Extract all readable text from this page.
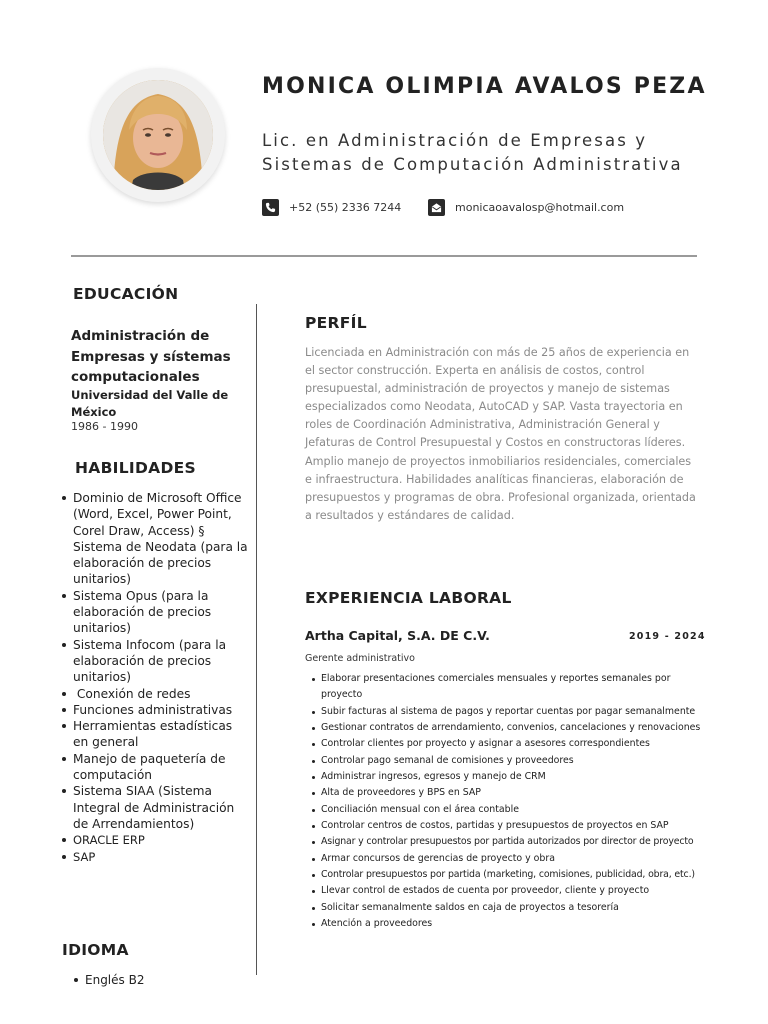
MONICA OLIMPIA AVALOS PEZA
Lic. en Administración de Empresas y Sistemas de Computación Administrativa
+52 (55) 2336 7244	monicaoavalosp@hotmail.com
EDUCACIÓN
Administración de Empresas y sístemas computacionales
Universidad del Valle de México
1986 - 1990
HABILIDADES
Dominio de Microsoft Office (Word, Excel, Power Point, Corel Draw, Access) § Sistema de Neodata (para la elaboración de precios unitarios)
Sistema Opus (para la elaboración de precios unitarios)
Sistema Infocom (para la elaboración de precios unitarios)
Conexión de redes
Funciones administrativas
Herramientas estadísticas en general
Manejo de paquetería de computación
Sistema SIAA (Sistema Integral de Administración de Arrendamientos)
ORACLE ERP
SAP
IDIOMA
Englés B2
PERFÍL
Licenciada en Administración con más de 25 años de experiencia en el sector construcción. Experta en análisis de costos, control presupuestal, administración de proyectos y manejo de sistemas especializados como Neodata, AutoCAD y SAP. Vasta trayectoria en roles de Coordinación Administrativa, Administración General y Jefaturas de Control Presupuestal y Costos en constructoras líderes. Amplio manejo de proyectos inmobiliarios residenciales, comerciales e infraestructura. Habilidades analíticas financieras, elaboración de presupuestos y programas de obra. Profesional organizada, orientada a resultados y estándares de calidad.
EXPERIENCIA LABORAL
Artha Capital, S.A. DE C.V.	2019 - 2024
Gerente administrativo
Elaborar presentaciones comerciales mensuales y reportes semanales por proyecto
Subir facturas al sistema de pagos y reportar cuentas por pagar semanalmente
Gestionar contratos de arrendamiento, convenios, cancelaciones y renovaciones
Controlar clientes por proyecto y asignar a asesores correspondientes
Controlar pago semanal de comisiones y proveedores
Administrar ingresos, egresos y manejo de CRM
Alta de proveedores y BPS en SAP
Conciliación mensual con el área contable
Controlar centros de costos, partidas y presupuestos de proyectos en SAP
Asignar y controlar presupuestos por partida autorizados por director de proyecto
Armar concursos de gerencias de proyecto y obra
Controlar presupuestos por partida (marketing, comisiones, publicidad, obra, etc.)
Llevar control de estados de cuenta por proveedor, cliente y proyecto
Solicitar semanalmente saldos en caja de proyectos a tesorería
Atención a proveedores
